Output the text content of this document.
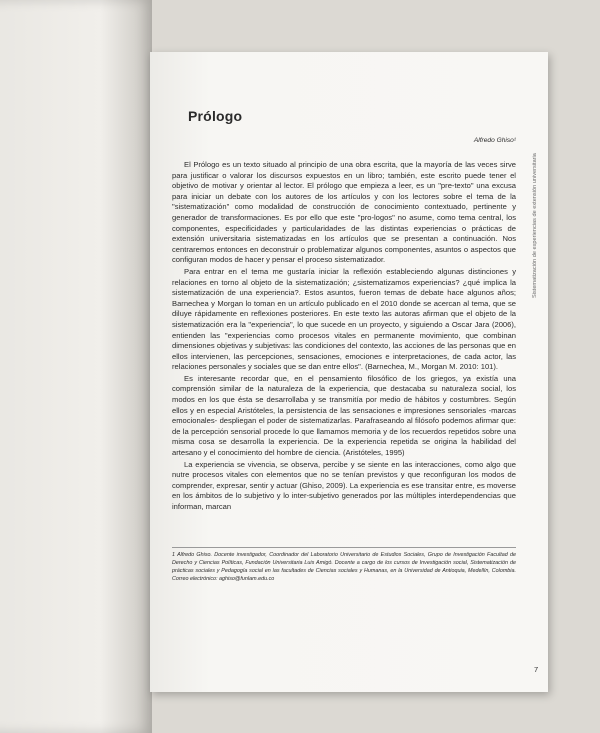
Sistematización de experiencias de extensión universitaria
Prólogo
Alfredo Ghiso¹

El Prólogo es un texto situado al principio de una obra escrita, que la mayoría de las veces sirve para justificar o valorar los discursos expuestos en un libro; también, este escrito puede tener el objetivo de motivar y orientar al lector. El prólogo que empieza a leer, es un "pre-texto" una excusa para iniciar un debate con los autores de los artículos y con los lectores sobre el tema de la "sistematización" como modalidad de construcción de conocimiento contextuado, pertinente y generador de transformaciones. Es por ello que este "pro-logos" no asume, como tema central, los componentes, especificidades y particularidades de las distintas experiencias o prácticas de extensión universitaria sistematizadas en los artículos que se presentan a continuación. Nos centraremos entonces en deconstruir o problematizar algunos componentes, asuntos o aspectos que configuran modos de hacer y pensar el proceso sistematizador.

Para entrar en el tema me gustaría iniciar la reflexión estableciendo algunas distinciones y relaciones en torno al objeto de la sistematización; ¿sistematizamos experiencias? ¿qué implica la sistematización de una experiencia?. Estos asuntos, fueron temas de debate hace algunos años; Barnechea y Morgan lo toman en un artículo publicado en el 2010 donde se acercan al tema, que se diluye rápidamente en reflexiones posteriores. En este texto las autoras afirman que el objeto de la sistematización era la "experiencia", lo que sucede en un proyecto, y siguiendo a Oscar Jara (2006), entienden las "experiencias como procesos vitales en permanente movimiento, que combinan dimensiones objetivas y subjetivas: las condiciones del contexto, las acciones de las personas que en ellos intervienen, las percepciones, sensaciones, emociones e interpretaciones, de cada actor, las relaciones personales y sociales que se dan entre ellos". (Barnechea, M., Morgan M. 2010: 101).

Es interesante recordar que, en el pensamiento filosófico de los griegos, ya existía una comprensión similar de la naturaleza de la experiencia, que destacaba su naturaleza social, los modos en los que ésta se desarrollaba y se transmitía por medio de hábitos y costumbres. Según ellos y en especial Aristóteles, la persistencia de las sensaciones e impresiones sensoriales -marcas emocionales- despliegan el poder de sistematizarlas. Parafraseando al filósofo podemos afirmar que: de la percepción sensorial procede lo que llamamos memoria y de los recuerdos repetidos sobre una misma cosa se desarrolla la experiencia. De la experiencia repetida se origina la habilidad del artesano y el conocimiento del hombre de ciencia. (Aristóteles, 1995)

La experiencia se vivencia, se observa, percibe y se siente en las interacciones, como algo que nutre procesos vitales con elementos que no se tenían previstos y que reconfiguran los modos de comprender, expresar, sentir y actuar (Ghiso, 2009). La experiencia es ese transitar entre, es moverse en los ámbitos de lo subjetivo y lo inter-subjetivo generados por las múltiples interdependencias que informan, marcan

1 Alfredo Ghiso. Docente investigador, Coordinador del Laboratorio Universitario de Estudios Sociales, Grupo de Investigación Facultad de Derecho y Ciencias Políticas, Fundación Universitaria Luis Amigó. Docente a cargo de los cursos de Investigación social, Sistematización de prácticas sociales y Pedagogía social en las facultades de Ciencias sociales y Humanas, en la Universidad de Antioquia, Medellín, Colombia. Correo electrónico: aghiso@funlam.edu.co
7
